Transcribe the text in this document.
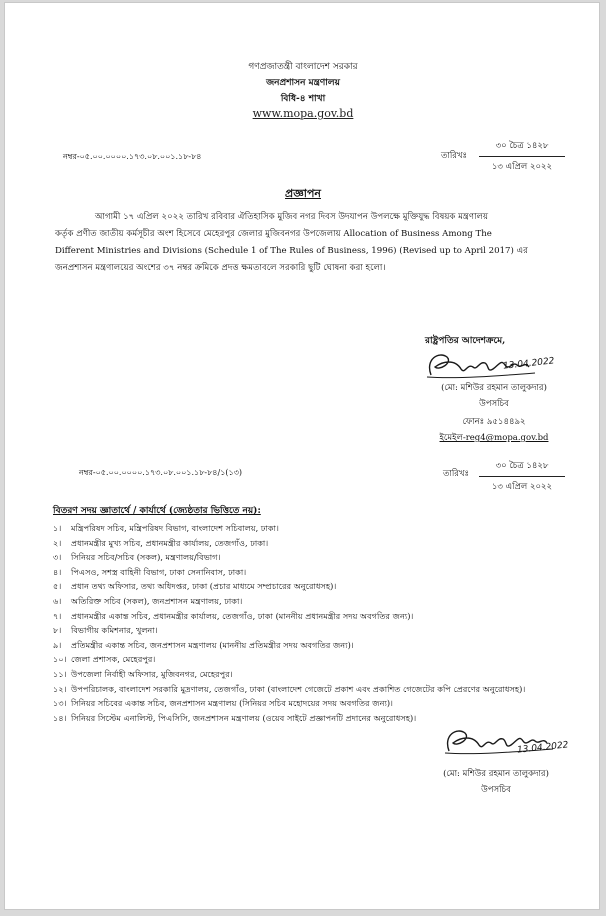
গণপ্রজাতন্ত্রী বাংলাদেশ সরকার
জনপ্রশাসন মন্ত্রণালয়
বিধি-৪ শাখা
www.mopa.gov.bd
নম্বর-০৫.০০.০০০০.১৭৩.০৮.০০১.১৮-৮৪	তারিখঃ
৩০ চৈত্র ১৪২৮
১৩ এপ্রিল ২০২২
প্রজ্ঞাপন
আগামী ১৭ এপ্রিল ২০২২ তারিখ রবিবার ঐতিহাসিক মুজিব নগর দিবস উদযাপন উপলক্ষে মুক্তিযুদ্ধ বিষয়ক মন্ত্রণালয়
কর্তৃক প্রণীত জাতীয় কর্মসূচীর অংশ হিসেবে মেহেরপুর জেলার মুজিবনগর উপজেলায় Allocation of Business Among The
Different Ministries and Divisions (Schedule 1 of The Rules of Business, 1996) (Revised up to April 2017) এর
জনপ্রশাসন মন্ত্রণালয়ের অংশের ৩৭ নম্বর ক্রমিকে প্রদত্ত ক্ষমতাবলে সরকারি ছুটি ঘোষনা করা হলো।
রাষ্ট্রপতির আদেশক্রমে,
13.04.2022
(মো: মশিউর রহমান তালুকদার)
উপসচিব
ফোনঃ ৯৫১৪৪৯২
ইমেইল-reg4@mopa.gov.bd
নম্বর-০৫.০০.০০০০.১৭৩.০৮.০০১.১৮-৮৪/১(১৩)	তারিখঃ
৩০ চৈত্র ১৪২৮
১৩ এপ্রিল ২০২২
বিতরণ সদয় জ্ঞাতার্থে / কার্যার্থে (জ্যেষ্ঠতার ভিত্তিতে নয়):
১। মন্ত্রিপরিষদ সচিব, মন্ত্রিপরিষদ বিভাগ, বাংলাদেশ সচিবালয়, ঢাকা।
২। প্রধানমন্ত্রীর মুখ্য সচিব, প্রধানমন্ত্রীর কার্যালয়, তেজগাঁও, ঢাকা।
৩। সিনিয়র সচিব/সচিব (সকল), মন্ত্রণালয়/বিভাগ।
৪। পিএসও, সশস্ত্র বাহিনী বিভাগ, ঢাকা সেনানিবাস, ঢাকা।
৫। প্রধান তথ্য অফিসার, তথ্য অধিদপ্তর, ঢাকা (প্রচার মাধ্যমে সম্প্রচারের অনুরোধসহ)।
৬। অতিরিক্ত সচিব (সকল), জনপ্রশাসন মন্ত্রণালয়, ঢাকা।
৭। প্রধানমন্ত্রীর একান্ত সচিব, প্রধানমন্ত্রীর কার্যালয়, তেজগাঁও, ঢাকা (মাননীয় প্রধানমন্ত্রীর সদয় অবগতির জন্য)।
৮। বিভাগীয় কমিশনার, খুলনা।
৯। প্রতিমন্ত্রীর একান্ত সচিব, জনপ্রশাসন মন্ত্রণালয় (মাননীয় প্রতিমন্ত্রীর সদয় অবগতির জন্য)।
১০। জেলা প্রশাসক, মেহেরপুর।
১১। উপজেলা নির্বাহী অফিসার, মুজিবনগর, মেহেরপুর।
১২। উপপরিচালক, বাংলাদেশ সরকারি মুদ্রণালয়, তেজগাঁও, ঢাকা (বাংলাদেশ গেজেটে প্রকাশ এবং প্রকাশিত গেজেটের কপি প্রেরণের অনুরোধসহ)।
১৩। সিনিয়র সচিবের একান্ত সচিব, জনপ্রশাসন মন্ত্রণালয় (সিনিয়র সচিব মহোদয়ের সদয় অবগতির জন্য)।
১৪। সিনিয়র সিস্টেম এনালিস্ট, পিএসিসি, জনপ্রশাসন মন্ত্রণালয় (ওয়েব সাইটে প্রজ্ঞাপনটি প্রদানের অনুরোধসহ)।
13.04.2022
(মো: মশিউর রহমান তালুকদার)
উপসচিব
